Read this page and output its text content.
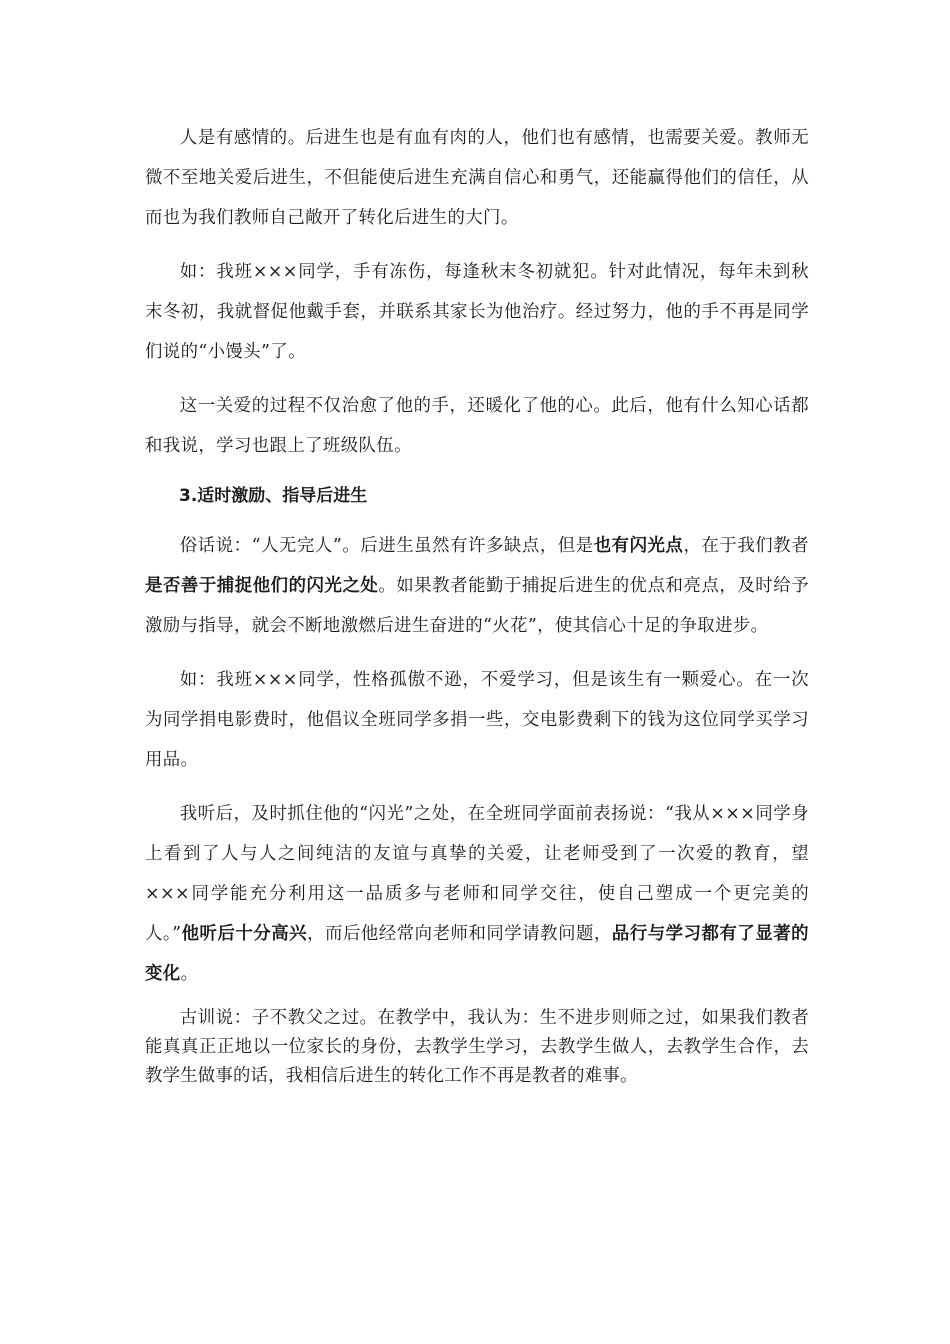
人是有感情的。后进生也是有血有肉的人，他们也有感情，也需要关爱。教师无微不至地关爱后进生，不但能使后进生充满自信心和勇气，还能赢得他们的信任，从而也为我们教师自己敞开了转化后进生的大门。

如：我班×××同学，手有冻伤，每逢秋末冬初就犯。针对此情况，每年未到秋末冬初，我就督促他戴手套，并联系其家长为他治疗。经过努力，他的手不再是同学们说的“小馒头”了。

这一关爱的过程不仅治愈了他的手，还暖化了他的心。此后，他有什么知心话都和我说，学习也跟上了班级队伍。

3.适时激励、指导后进生

俗话说：“人无完人”。后进生虽然有许多缺点，但是也有闪光点，在于我们教者是否善于捕捉他们的闪光之处。如果教者能勤于捕捉后进生的优点和亮点，及时给予激励与指导，就会不断地激燃后进生奋进的“火花”，使其信心十足的争取进步。

如：我班×××同学，性格孤傲不逊，不爱学习，但是该生有一颗爱心。在一次为同学捐电影费时，他倡议全班同学多捐一些，交电影费剩下的钱为这位同学买学习用品。

我听后，及时抓住他的“闪光”之处，在全班同学面前表扬说：“我从×××同学身上看到了人与人之间纯洁的友谊与真挚的关爱，让老师受到了一次爱的教育，望×××同学能充分利用这一品质多与老师和同学交往，使自己塑成一个更完美的人。”他听后十分高兴，而后他经常向老师和同学请教问题，品行与学习都有了显著的变化。

古训说：子不教父之过。在教学中，我认为：生不进步则师之过，如果我们教者能真真正正地以一位家长的身份，去教学生学习，去教学生做人，去教学生合作，去教学生做事的话，我相信后进生的转化工作不再是教者的难事。
